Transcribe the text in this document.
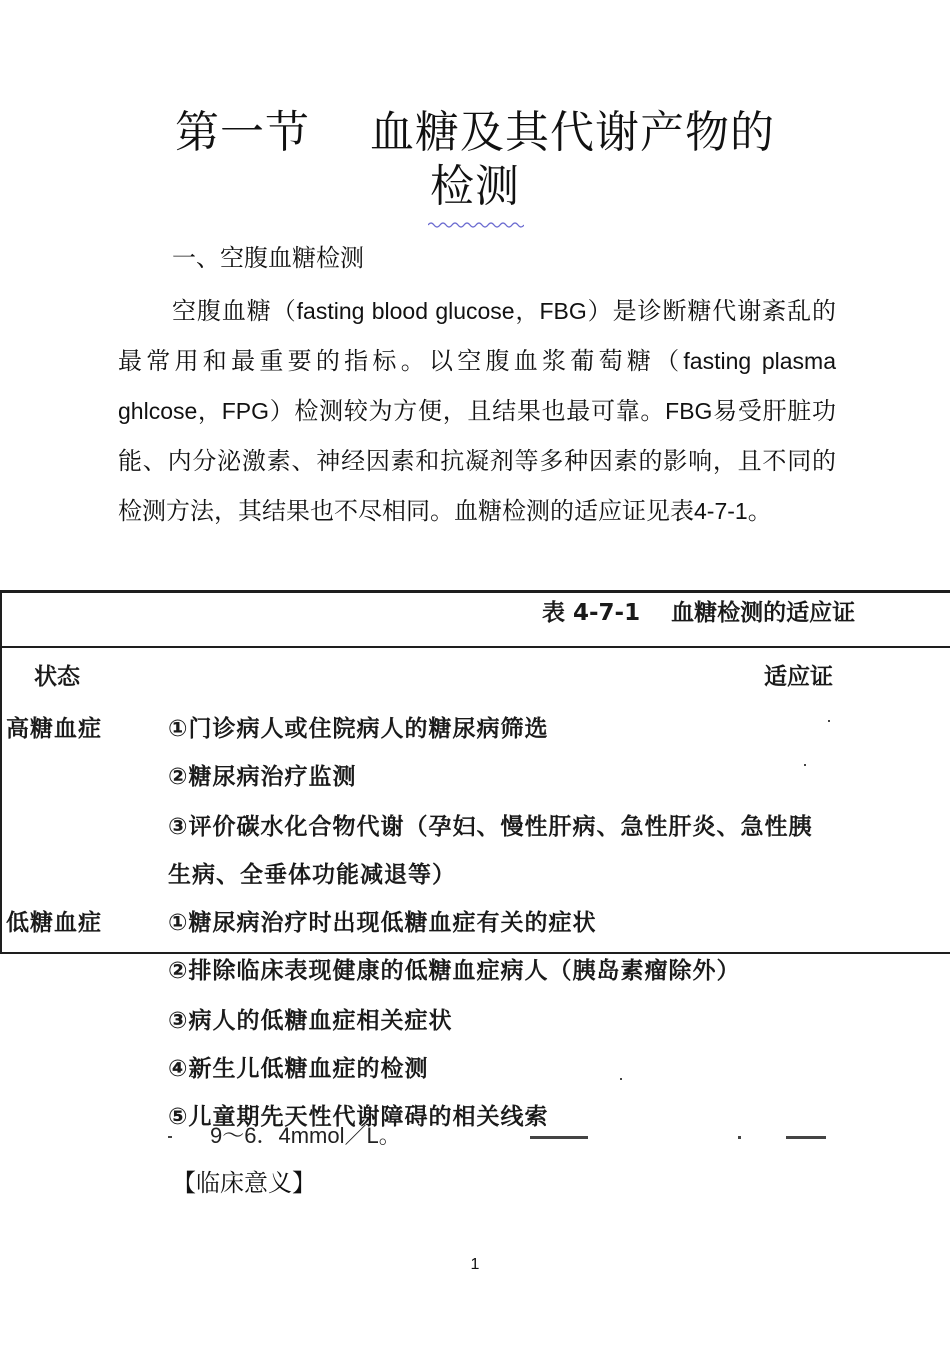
第一节　 血糖及其代谢产物的
检测
一、空腹血糖检测
空腹血糖（fasting blood glucose，FBG）是诊断糖代谢紊乱的最常用和最重要的指标。以空腹血浆葡萄糖（fasting plasma ghlcose，FPG）检测较为方便，且结果也最可靠。FBG易受肝脏功能、内分泌激素、神经因素和抗凝剂等多种因素的影响，且不同的检测方法，其结果也不尽相同。血糖检测的适应证见表4-7-1。
表 4-7-1　 血糖检测的适应证
状态	适应证
高糖血症	①门诊病人或住院病人的糖尿病筛选
②糖尿病治疗监测
③评价碳水化合物代谢（孕妇、慢性肝病、急性肝炎、急性胰
生病、全垂体功能减退等）
低糖血症	①糖尿病治疗时出现低糖血症有关的症状
②排除临床表现健康的低糖血症病人（胰岛素瘤除外）
③病人的低糖血症相关症状
④新生儿低糖血症的检测
⑤儿童期先天性代谢障碍的相关线索
9～6．4mmol／L。
【临床意义】
1
